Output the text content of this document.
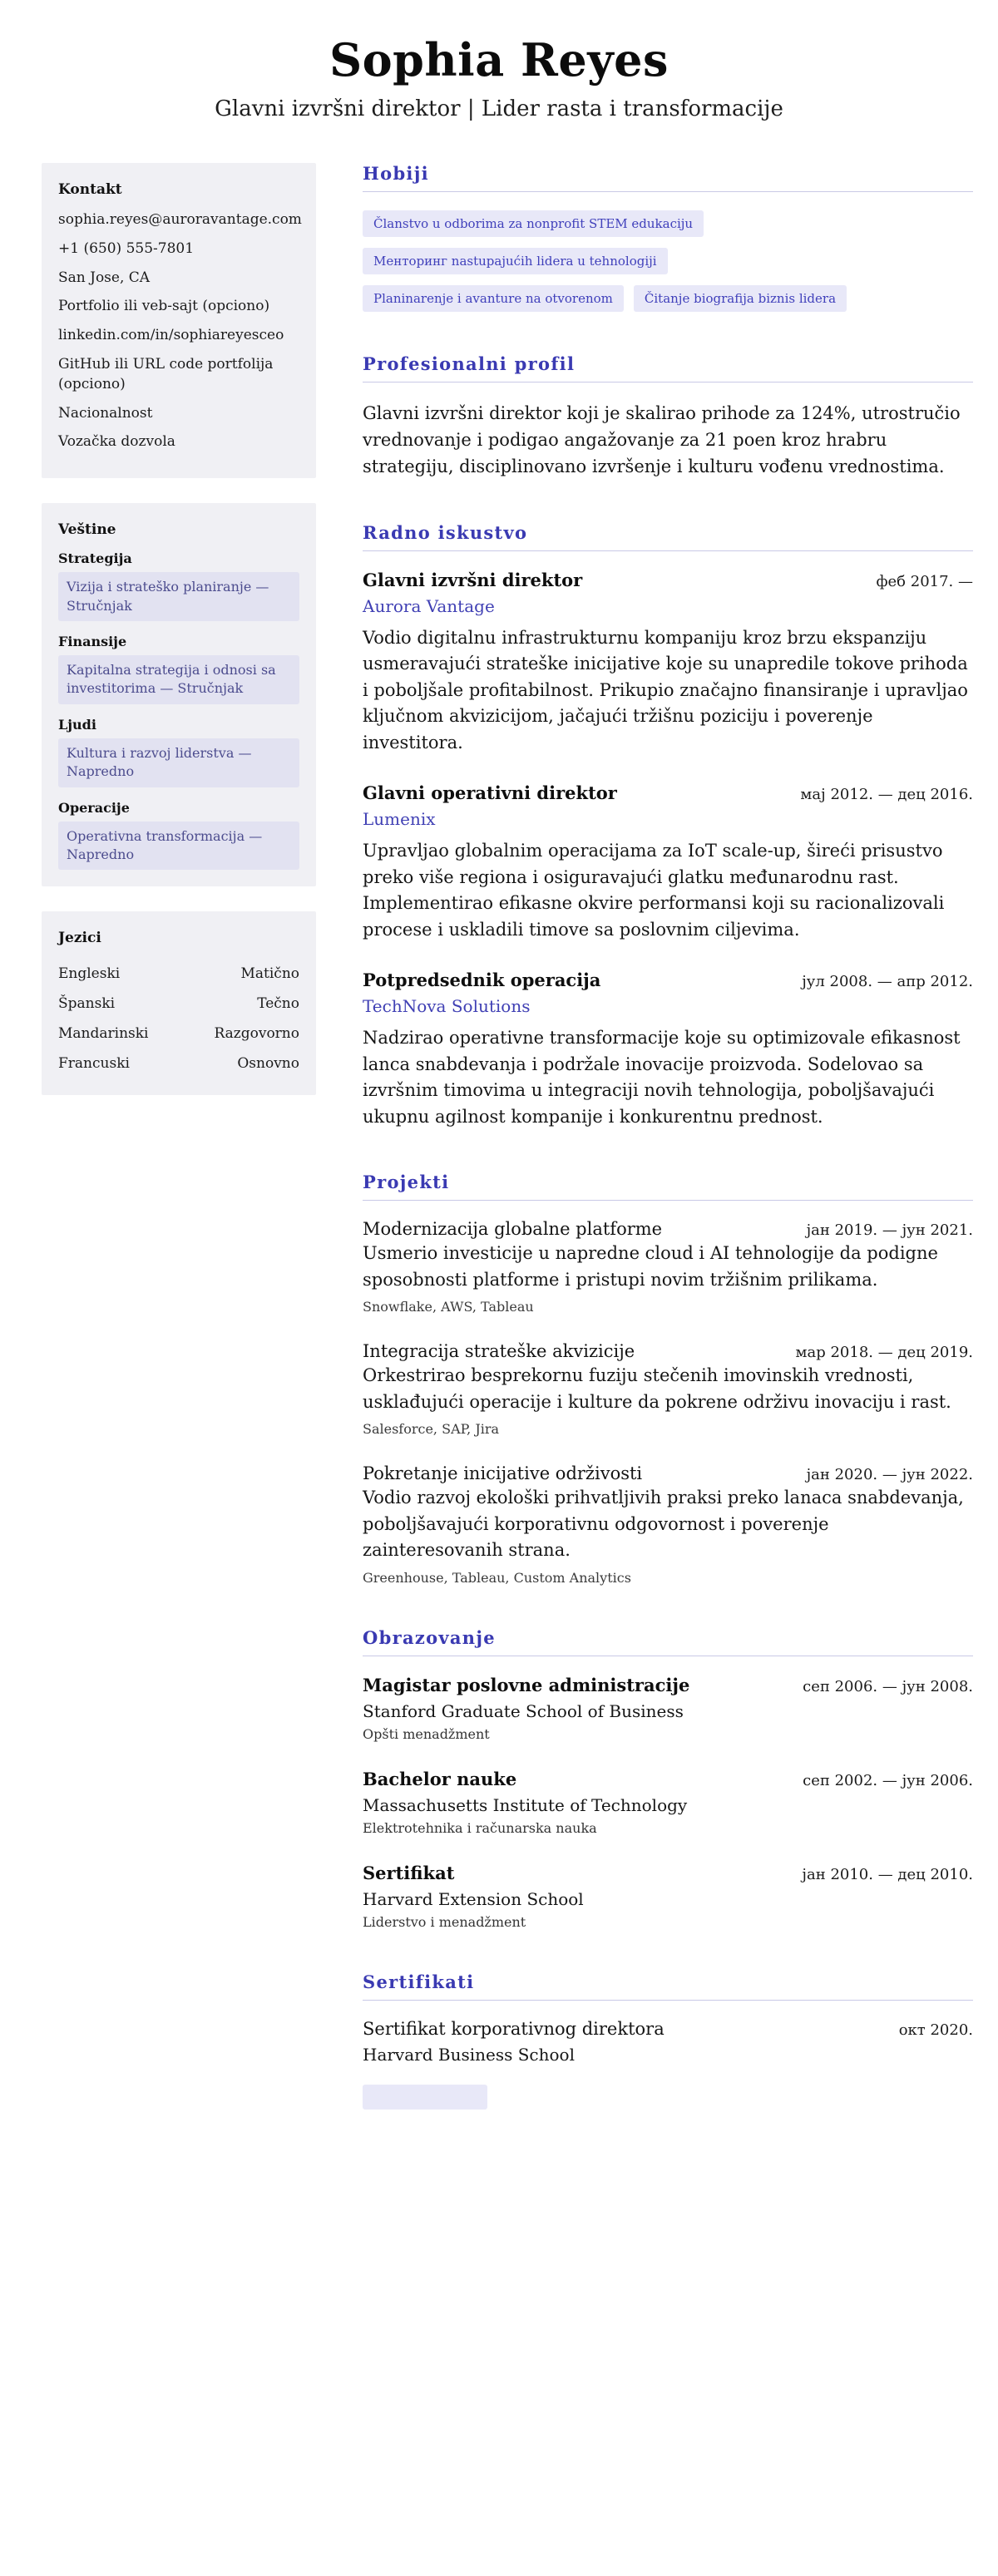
Sophia Reyes
Glavni izvršni direktor | Lider rasta i transformacije
Kontakt
sophia.reyes@auroravantage.com
+1 (650) 555-7801
San Jose, CA
Portfolio ili veb-sajt (opciono)
linkedin.com/in/sophiareyesceo
GitHub ili URL code portfolija (opciono)
Nacionalnost
Vozačka dozvola
Veštine
Strategija
Vizija i strateško planiranje — Stručnjak
Finansije
Kapitalna strategija i odnosi sa investitorima — Stručnjak
Ljudi
Kultura i razvoj liderstva — Napredno
Operacije
Operativna transformacija — Napredno
Jezici
Engleski	Matično
Španski	Tečno
Mandarinski	Razgovorno
Francuski	Osnovno
Hobiji
Članstvo u odborima za nonprofit STEM edukaciju
Менторинг nastupajućih lidera u tehnologiji
Planinarenje i avanture na otvorenom	Čitanje biografija biznis lidera
Profesionalni profil

Glavni izvršni direktor koji je skalirao prihode za 124%, utrostručio vrednovanje i podigao angažovanje za 21 poen kroz hrabru strategiju, disciplinovano izvršenje i kulturu vođenu vrednostima.

Radno iskustvo
Glavni izvršni direktor	феб 2017. —
Aurora Vantage

Vodio digitalnu infrastrukturnu kompaniju kroz brzu ekspanziju usmeravajući strateške inicijative koje su unapredile tokove prihoda i poboljšale profitabilnost. Prikupio značajno finansiranje i upravljao ključnom akvizicijom, jačajući tržišnu poziciju i poverenje investitora.

Glavni operativni direktor	мај 2012. — дец 2016.
Lumenix

Upravljao globalnim operacijama za IoT scale-up, šireći prisustvo preko više regiona i osiguravajući glatku međunarodnu rast. Implementirao efikasne okvire performansi koji su racionalizovali procese i uskladili timove sa poslovnim ciljevima.

Potpredsednik operacija	јул 2008. — апр 2012.
TechNova Solutions

Nadzirao operativne transformacije koje su optimizovale efikasnost lanca snabdevanja i podržale inovacije proizvoda. Sodelovao sa izvršnim timovima u integraciji novih tehnologija, poboljšavajući ukupnu agilnost kompanije i konkurentnu prednost.

Projekti
Modernizacija globalne platforme	јан 2019. — јун 2021.

Usmerio investicije u napredne cloud i AI tehnologije da podigne sposobnosti platforme i pristupi novim tržišnim prilikama.

Snowflake, AWS, Tableau
Integracija strateške akvizicije	мар 2018. — дец 2019.

Orkestrirao besprekornu fuziju stečenih imovinskih vrednosti, usklađujući operacije i kulture da pokrene održivu inovaciju i rast.

Salesforce, SAP, Jira
Pokretanje inicijative održivosti	јан 2020. — јун 2022.

Vodio razvoj ekološki prihvatljivih praksi preko lanaca snabdevanja, poboljšavajući korporativnu odgovornost i poverenje zainteresovanih strana.

Greenhouse, Tableau, Custom Analytics
Obrazovanje
Magistar poslovne administracije	сеп 2006. — јун 2008.
Stanford Graduate School of Business
Opšti menadžment
Bachelor nauke	сеп 2002. — јун 2006.
Massachusetts Institute of Technology
Elektrotehnika i računarska nauka
Sertifikat	јан 2010. — дец 2010.
Harvard Extension School
Liderstvo i menadžment
Sertifikati
Sertifikat korporativnog direktora	окт 2020.
Harvard Business School
